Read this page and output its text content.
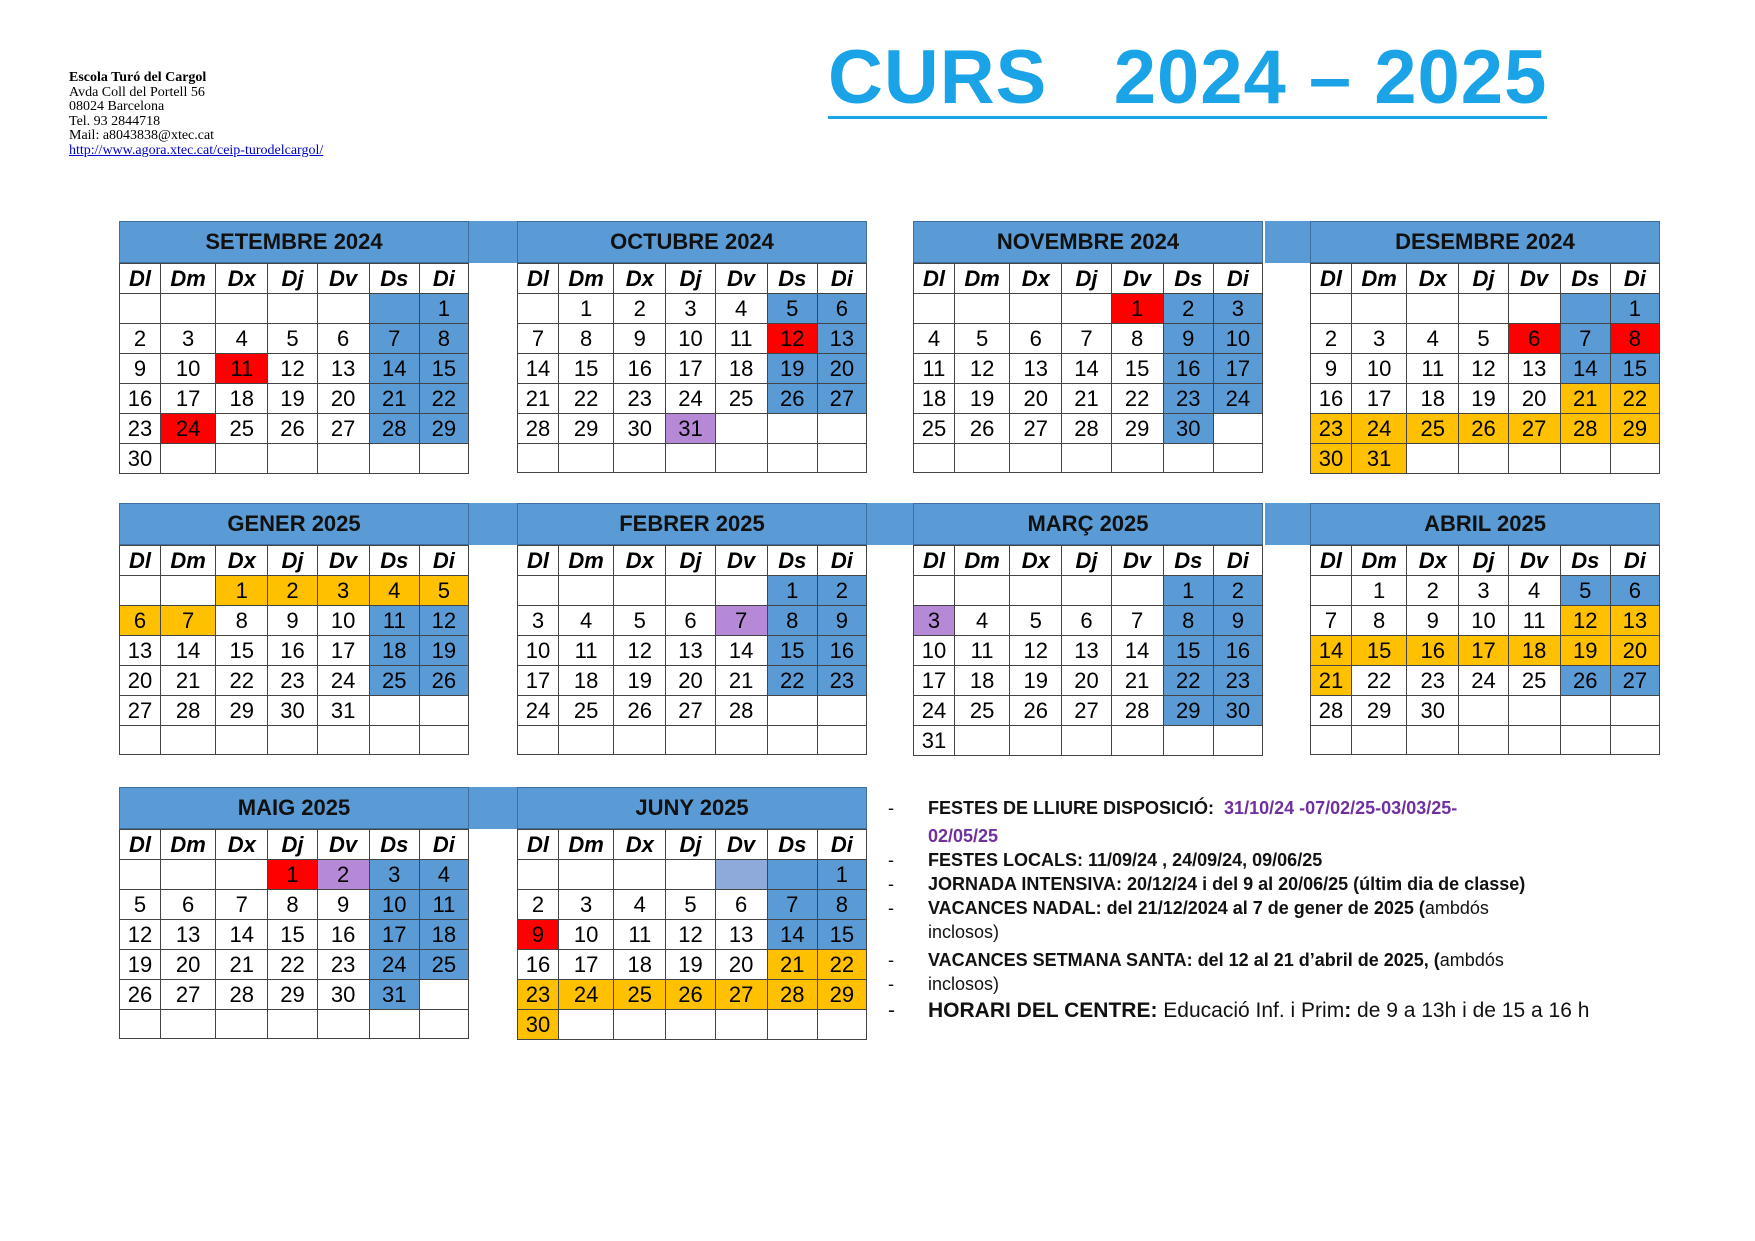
Escola Turó del Cargol
Avda Coll del Portell 56
08024 Barcelona
Tel. 93 2844718
Mail: a8043838@xtec.cat
http://www.agora.xtec.cat/ceip-turodelcargol/
CURS   2024 – 2025
SETEMBRE 2024
Dl	Dm	Dx	Dj	Dv	Ds	Di
						1
2	3	4	5	6	7	8
9	10	11	12	13	14	15
16	17	18	19	20	21	22
23	24	25	26	27	28	29
30						
OCTUBRE 2024
Dl	Dm	Dx	Dj	Dv	Ds	Di
	1	2	3	4	5	6
7	8	9	10	11	12	13
14	15	16	17	18	19	20
21	22	23	24	25	26	27
28	29	30	31			

NOVEMBRE 2024
Dl	Dm	Dx	Dj	Dv	Ds	Di
				1	2	3
4	5	6	7	8	9	10
11	12	13	14	15	16	17
18	19	20	21	22	23	24
25	26	27	28	29	30	

DESEMBRE 2024
Dl	Dm	Dx	Dj	Dv	Ds	Di
						1
2	3	4	5	6	7	8
9	10	11	12	13	14	15
16	17	18	19	20	21	22
23	24	25	26	27	28	29
30	31					
GENER 2025
Dl	Dm	Dx	Dj	Dv	Ds	Di
		1	2	3	4	5
6	7	8	9	10	11	12
13	14	15	16	17	18	19
20	21	22	23	24	25	26
27	28	29	30	31		

FEBRER 2025
Dl	Dm	Dx	Dj	Dv	Ds	Di
					1	2
3	4	5	6	7	8	9
10	11	12	13	14	15	16
17	18	19	20	21	22	23
24	25	26	27	28		

MARÇ 2025
Dl	Dm	Dx	Dj	Dv	Ds	Di
					1	2
3	4	5	6	7	8	9
10	11	12	13	14	15	16
17	18	19	20	21	22	23
24	25	26	27	28	29	30
31						
ABRIL 2025
Dl	Dm	Dx	Dj	Dv	Ds	Di
	1	2	3	4	5	6
7	8	9	10	11	12	13
14	15	16	17	18	19	20
21	22	23	24	25	26	27
28	29	30				

MAIG 2025
Dl	Dm	Dx	Dj	Dv	Ds	Di
			1	2	3	4
5	6	7	8	9	10	11
12	13	14	15	16	17	18
19	20	21	22	23	24	25
26	27	28	29	30	31	

JUNY 2025
Dl	Dm	Dx	Dj	Dv	Ds	Di
						1
2	3	4	5	6	7	8
9	10	11	12	13	14	15
16	17	18	19	20	21	22
23	24	25	26	27	28	29
30						
- FESTES DE LLIURE DISPOSICIÓ: 31/10/24 -07/02/25-03/03/25-
02/05/25
- FESTES LOCALS: 11/09/24 , 24/09/24, 09/06/25
- JORNADA INTENSIVA: 20/12/24 i del 9 al 20/06/25 (últim dia de classe)
- VACANCES NADAL: del 21/12/2024 al 7 de gener de 2025 (ambdós
inclosos)
- VACANCES SETMANA SANTA: del 12 al 21 d’abril de 2025, (ambdós
- inclosos)
- HORARI DEL CENTRE: Educació Inf. i Prim: de 9 a 13h i de 15 a 16 h
